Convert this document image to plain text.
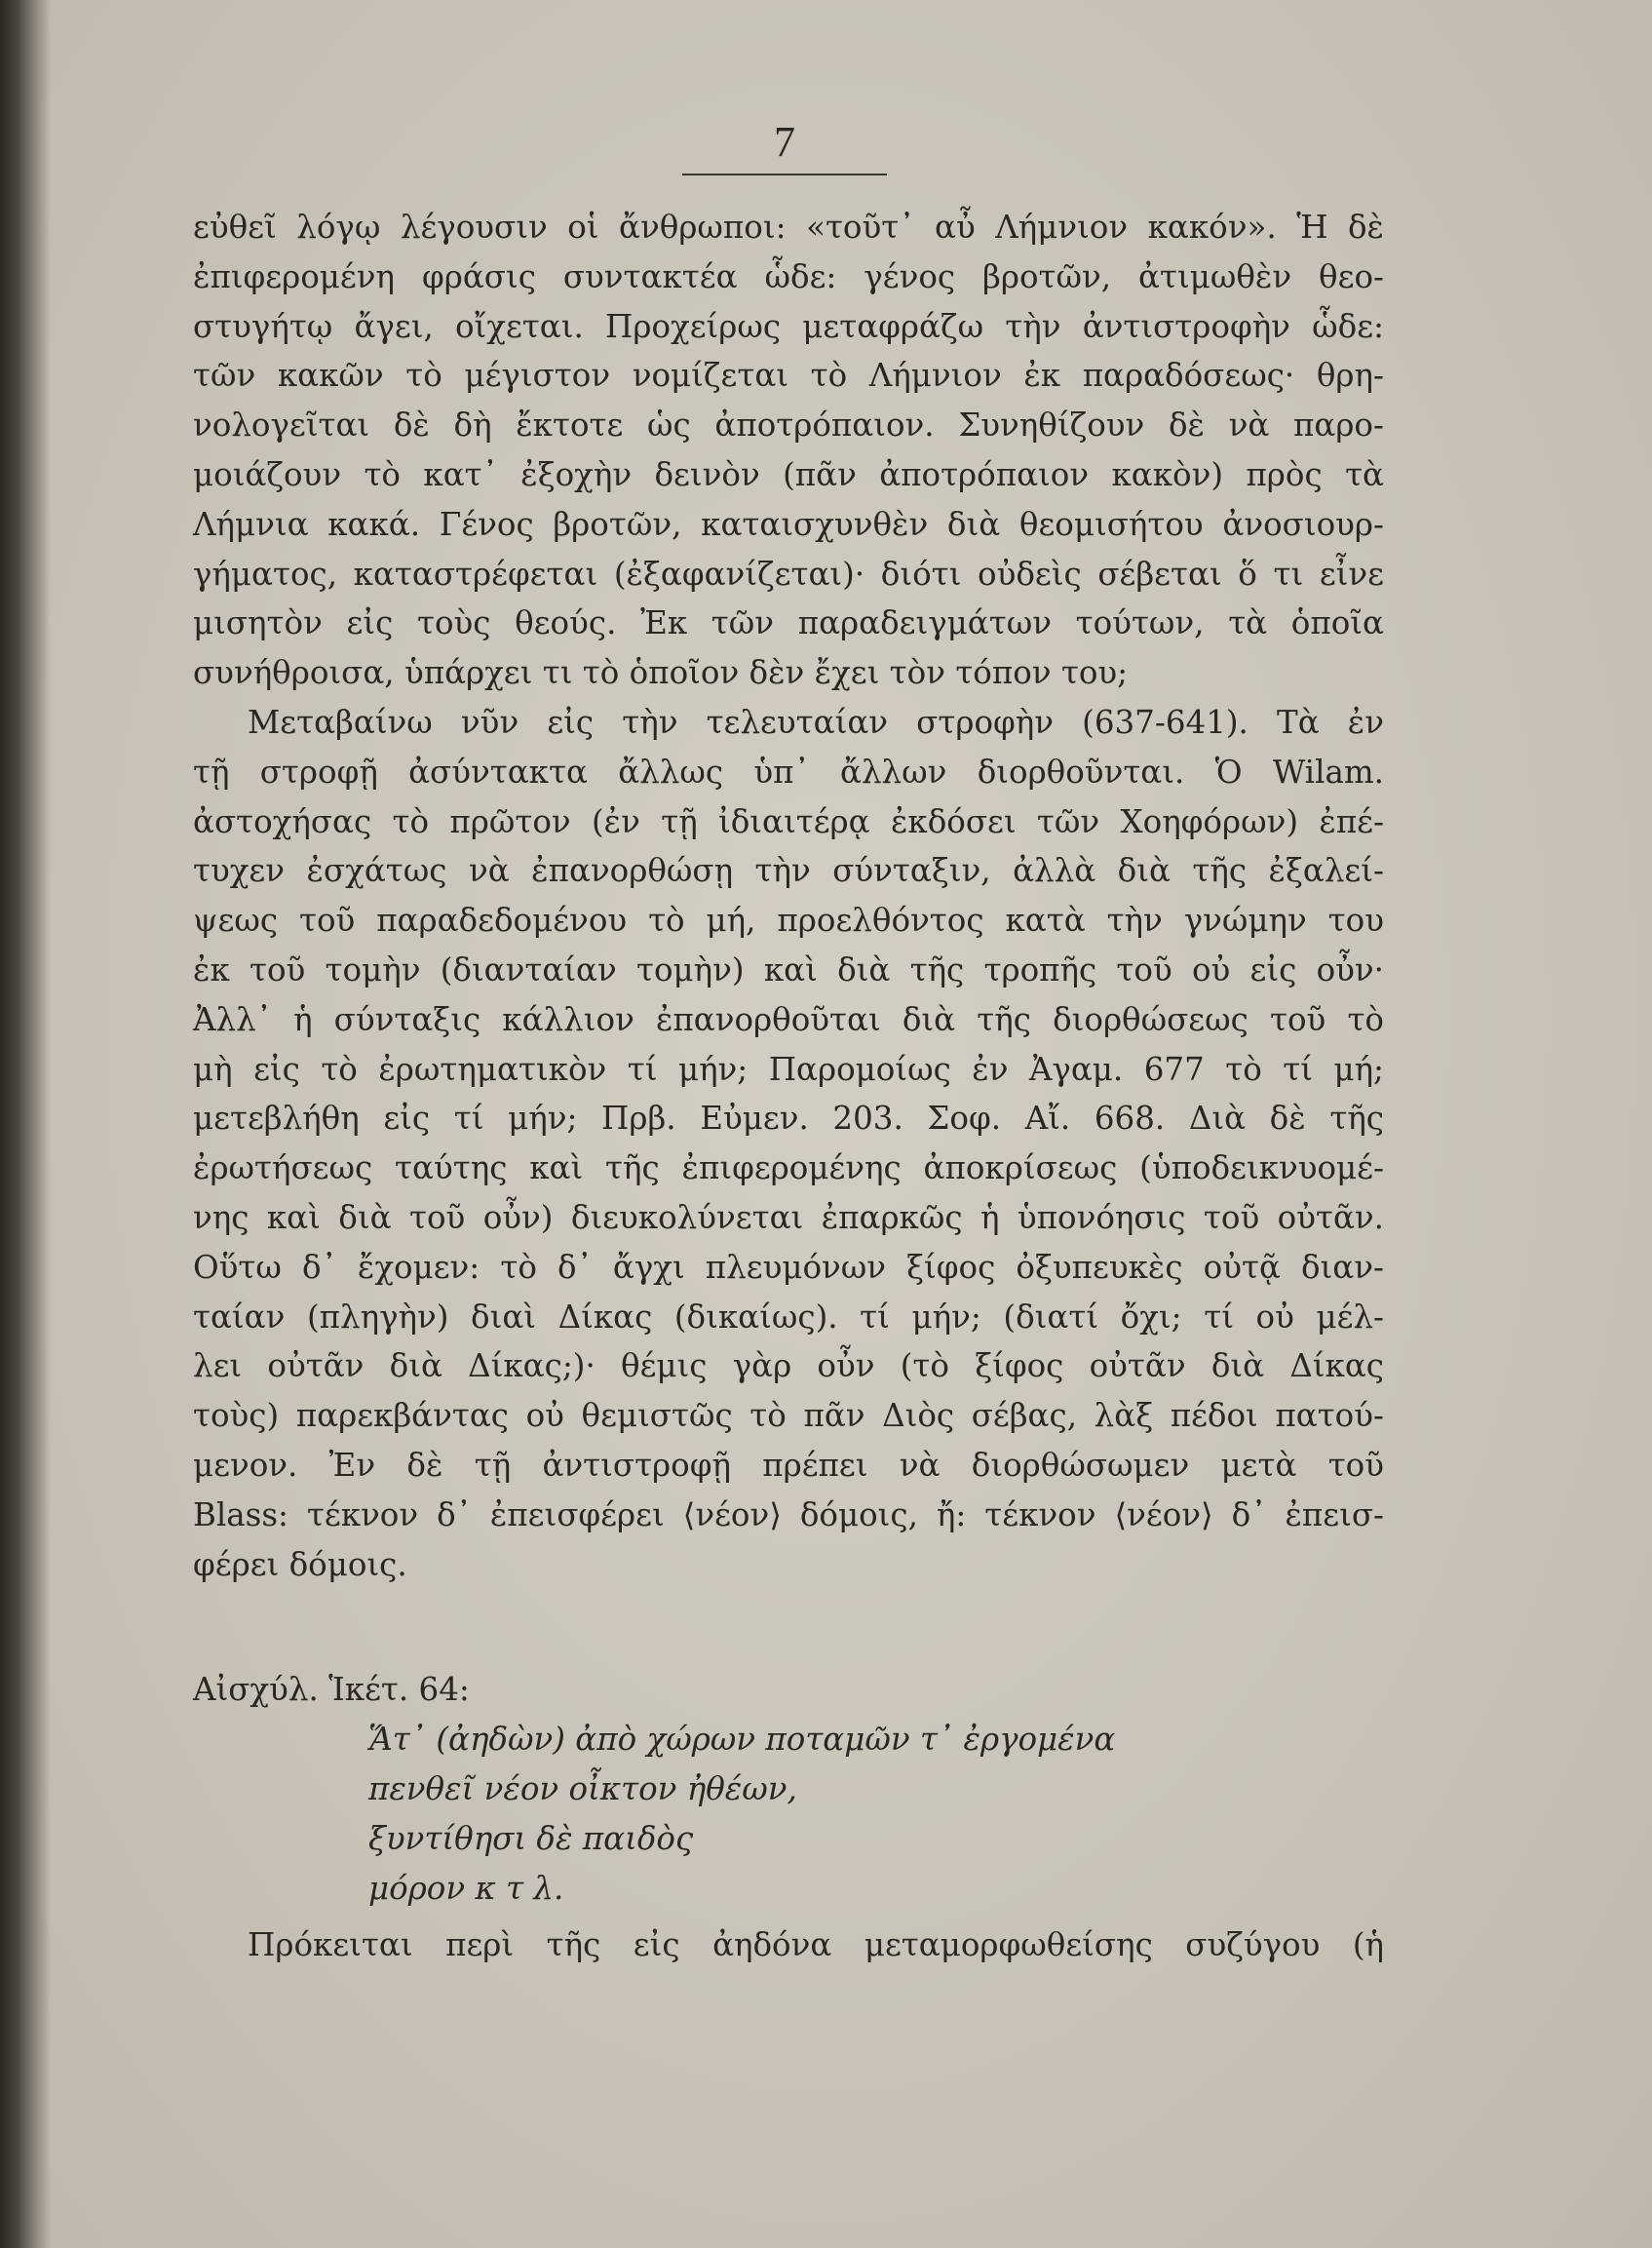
7
εὐθεῖ λόγῳ λέγουσιν οἱ ἄνθρωποι: «τοῦτ᾽ αὖ Λήμνιον κακόν». Ἡ δὲ
ἐπιφερομένη φράσις συντακτέα ὧδε: γένος βροτῶν, ἀτιμωθὲν θεο-
στυγήτῳ ἄγει, οἴχεται. Προχείρως μεταφράζω τὴν ἀντιστροφὴν ὧδε:
τῶν κακῶν τὸ μέγιστον νομίζεται τὸ Λήμνιον ἐκ παραδόσεως· θρη-
νολογεῖται δὲ δὴ ἔκτοτε ὡς ἀποτρόπαιον. Συνηθίζουν δὲ νὰ παρο-
μοιάζουν τὸ κατ᾽ ἐξοχὴν δεινὸν (πᾶν ἀποτρόπαιον κακὸν) πρὸς τὰ
Λήμνια κακά. Γένος βροτῶν, καταισχυνθὲν διὰ θεομισήτου ἀνοσιουρ-
γήματος, καταστρέφεται (ἐξαφανίζεται)· διότι οὐδεὶς σέβεται ὅ τι εἶνε
μισητὸν εἰς τοὺς θεούς. Ἐκ τῶν παραδειγμάτων τούτων, τὰ ὁποῖα
συνήθροισα, ὑπάρχει τι τὸ ὁποῖον δὲν ἔχει τὸν τόπον του;
Μεταβαίνω νῦν εἰς τὴν τελευταίαν στροφὴν (637-641). Τὰ ἐν
τῇ στροφῇ ἀσύντακτα ἄλλως ὑπ᾽ ἄλλων διορθοῦνται. Ὁ Wilam.
ἀστοχήσας τὸ πρῶτον (ἐν τῇ ἰδιαιτέρᾳ ἐκδόσει τῶν Χοηφόρων) ἐπέ-
τυχεν ἐσχάτως νὰ ἐπανορθώσῃ τὴν σύνταξιν, ἀλλὰ διὰ τῆς ἐξαλεί-
ψεως τοῦ παραδεδομένου τὸ μή, προελθόντος κατὰ τὴν γνώμην του
ἐκ τοῦ τομὴν (διανταίαν τομὴν) καὶ διὰ τῆς τροπῆς τοῦ οὐ εἰς οὖν·
Ἀλλ᾽ ἡ σύνταξις κάλλιον ἐπανορθοῦται διὰ τῆς διορθώσεως τοῦ τὸ
μὴ εἰς τὸ ἐρωτηματικὸν τί μήν; Παρομοίως ἐν Ἀγαμ. 677 τὸ τί μή;
μετεβλήθη εἰς τί μήν; Πρβ. Εὐμεν. 203. Σοφ. Αἴ. 668. Διὰ δὲ τῆς
ἐρωτήσεως ταύτης καὶ τῆς ἐπιφερομένης ἀποκρίσεως (ὑποδεικνυομέ-
νης καὶ διὰ τοῦ οὖν) διευκολύνεται ἐπαρκῶς ἡ ὑπονόησις τοῦ οὐτᾶν.
Οὕτω δ᾽ ἔχομεν: τὸ δ᾽ ἄγχι πλευμόνων ξίφος ὀξυπευκὲς οὐτᾷ διαν-
ταίαν (πληγὴν) διαὶ Δίκας (δικαίως). τί μήν; (διατί ὄχι; τί οὐ μέλ-
λει οὐτᾶν διὰ Δίκας;)· θέμις γὰρ οὖν (τὸ ξίφος οὐτᾶν διὰ Δίκας
τοὺς) παρεκβάντας οὐ θεμιστῶς τὸ πᾶν Διὸς σέβας, λὰξ πέδοι πατού-
μενον. Ἐν δὲ τῇ ἀντιστροφῇ πρέπει νὰ διορθώσωμεν μετὰ τοῦ
Blass: τέκνον δ᾽ ἐπεισφέρει ⟨νέον⟩ δόμοις, ἤ: τέκνον ⟨νέον⟩ δ᾽ ἐπεισ-
φέρει δόμοις.
Αἰσχύλ. Ἱκέτ. 64:
Ἅτ᾽ (ἀηδὼν) ἀπὸ χώρων ποταμῶν τ᾽ ἐργομένα
πενθεῖ νέον οἶκτον ἠθέων,
ξυντίθησι δὲ παιδὸς
μόρον κ τ λ.
Πρόκειται περὶ τῆς εἰς ἀηδόνα μεταμορφωθείσης συζύγου (ἡ
